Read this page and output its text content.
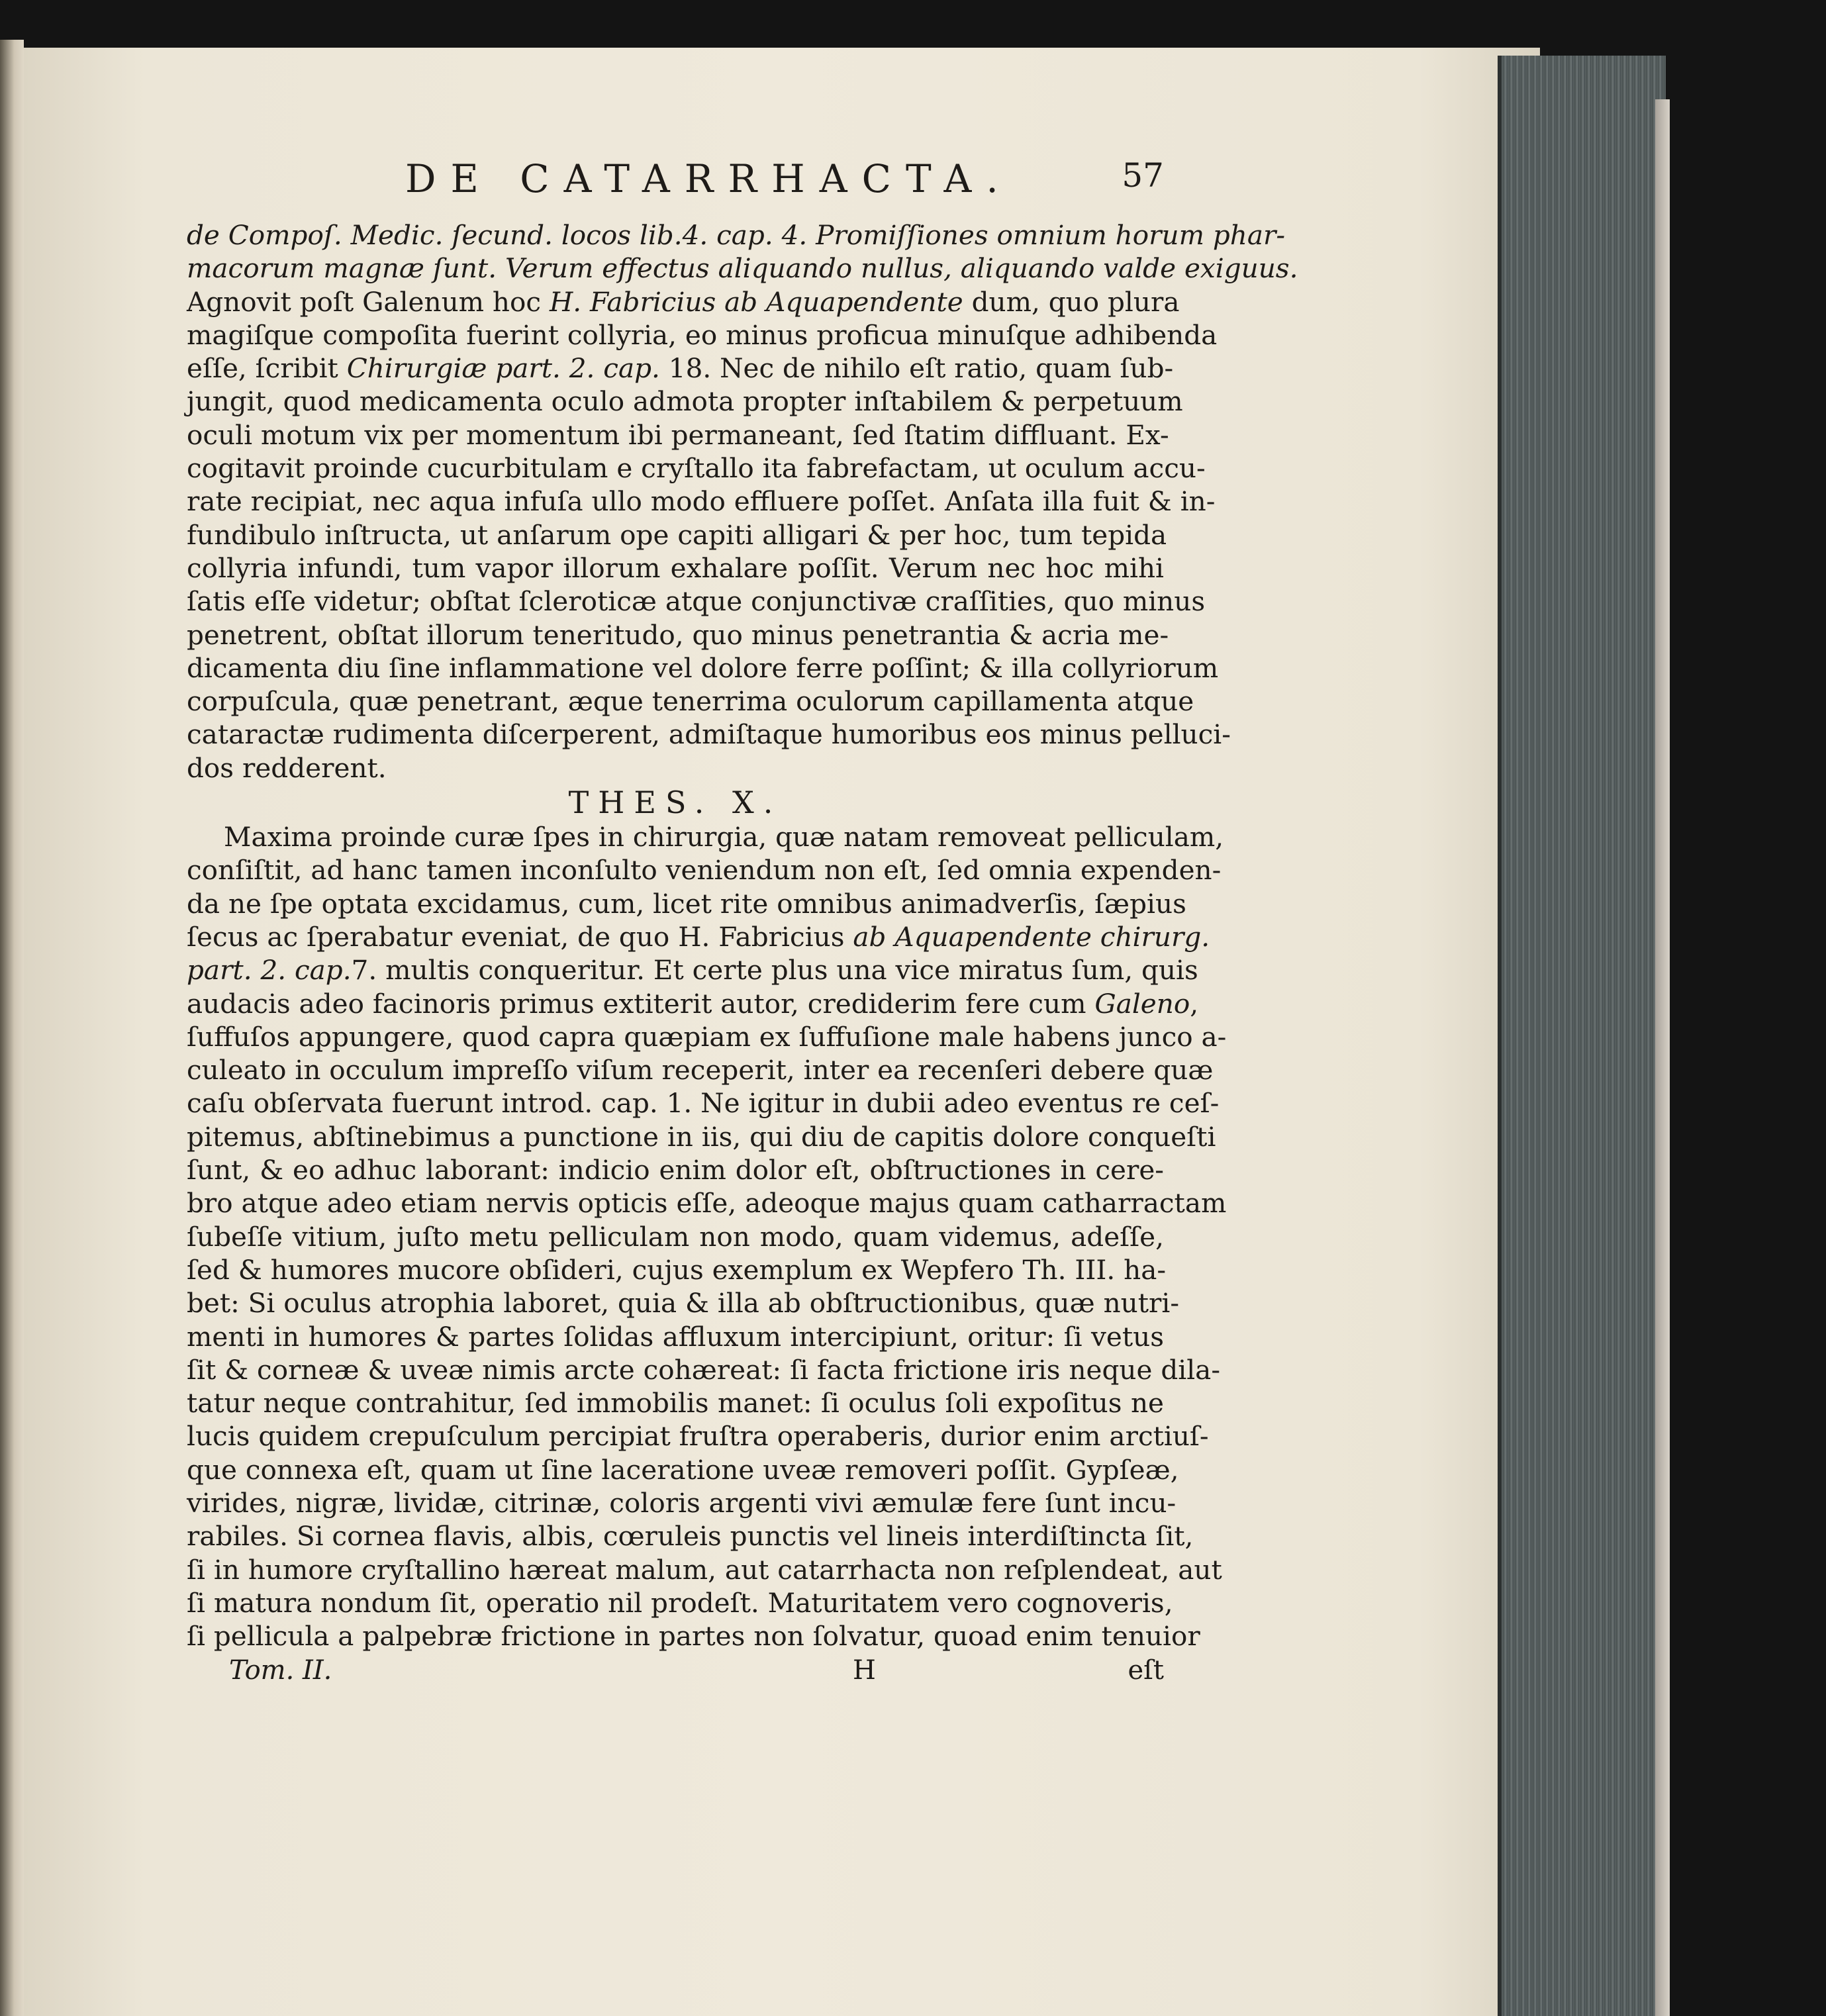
DE CATARRHACTA.	57
de Compoſ. Medic. ſecund. locos lib.4. cap. 4. Promiſſiones omnium horum phar-
macorum magnæ ſunt. Verum effectus aliquando nullus, aliquando valde exiguus.
Agnovit poſt Galenum hoc H. Fabricius ab Aquapendente dum, quo plura
magiſque compoſita fuerint collyria, eo minus proficua minuſque adhibenda
eſſe, ſcribit Chirurgiæ part. 2. cap. 18. Nec de nihilo eſt ratio, quam ſub-
jungit, quod medicamenta oculo admota propter inſtabilem & perpetuum
oculi motum vix per momentum ibi permaneant, ſed ſtatim diffluant. Ex-
cogitavit proinde cucurbitulam e cryſtallo ita fabrefactam, ut oculum accu-
rate recipiat, nec aqua infuſa ullo modo effluere poſſet. Anſata illa fuit & in-
fundibulo inſtructa, ut anſarum ope capiti alligari & per hoc, tum tepida
collyria infundi, tum vapor illorum exhalare poſſit. Verum nec hoc mihi
ſatis eſſe videtur; obſtat ſcleroticæ atque conjunctivæ craſſities, quo minus
penetrent, obſtat illorum teneritudo, quo minus penetrantia & acria me-
dicamenta diu ſine inflammatione vel dolore ferre poſſint; & illa collyriorum
corpuſcula, quæ penetrant, æque tenerrima oculorum capillamenta atque
cataractæ rudimenta diſcerperent, admiſtaque humoribus eos minus pelluci-
dos redderent.
THES. X.
Maxima proinde curæ ſpes in chirurgia, quæ natam removeat pelliculam,
conſiſtit, ad hanc tamen inconſulto veniendum non eſt, ſed omnia expenden-
da ne ſpe optata excidamus, cum, licet rite omnibus animadverſis, ſæpius
ſecus ac ſperabatur eveniat, de quo H. Fabricius ab Aquapendente chirurg.
part. 2. cap.7. multis conqueritur. Et certe plus una vice miratus ſum, quis
audacis adeo facinoris primus extiterit autor, crediderim fere cum Galeno,
ſuffuſos appungere, quod capra quæpiam ex ſuffuſione male habens junco a-
culeato in occulum impreſſo viſum receperit, inter ea recenſeri debere quæ
caſu obſervata fuerunt introd. cap. 1. Ne igitur in dubii adeo eventus re ceſ-
pitemus, abſtinebimus a punctione in iis, qui diu de capitis dolore conqueſti
ſunt, & eo adhuc laborant: indicio enim dolor eſt, obſtructiones in cere-
bro atque adeo etiam nervis opticis eſſe, adeoque majus quam catharractam
ſubeſſe vitium, juſto metu pelliculam non modo, quam videmus, adeſſe,
ſed & humores mucore obſideri, cujus exemplum ex Wepfero Th. III. ha-
bet: Si oculus atrophia laboret, quia & illa ab obſtructionibus, quæ nutri-
menti in humores & partes ſolidas affluxum intercipiunt, oritur: ſi vetus
ſit & corneæ & uveæ nimis arcte cohæreat: ſi facta frictione iris neque dila-
tatur neque contrahitur, ſed immobilis manet: ſi oculus ſoli expoſitus ne
lucis quidem crepuſculum percipiat fruſtra operaberis, durior enim arctiuſ-
que connexa eſt, quam ut ſine laceratione uveæ removeri poſſit. Gypſeæ,
virides, nigræ, lividæ, citrinæ, coloris argenti vivi æmulæ fere ſunt incu-
rabiles. Si cornea flavis, albis, cœruleis punctis vel lineis interdiſtincta ſit,
ſi in humore cryſtallino hæreat malum, aut catarrhacta non reſplendeat, aut
ſi matura nondum ſit, operatio nil prodeſt. Maturitatem vero cognoveris,
ſi pellicula a palpebræ frictione in partes non ſolvatur, quoad enim tenuior
Tom. II.	H	eſt
